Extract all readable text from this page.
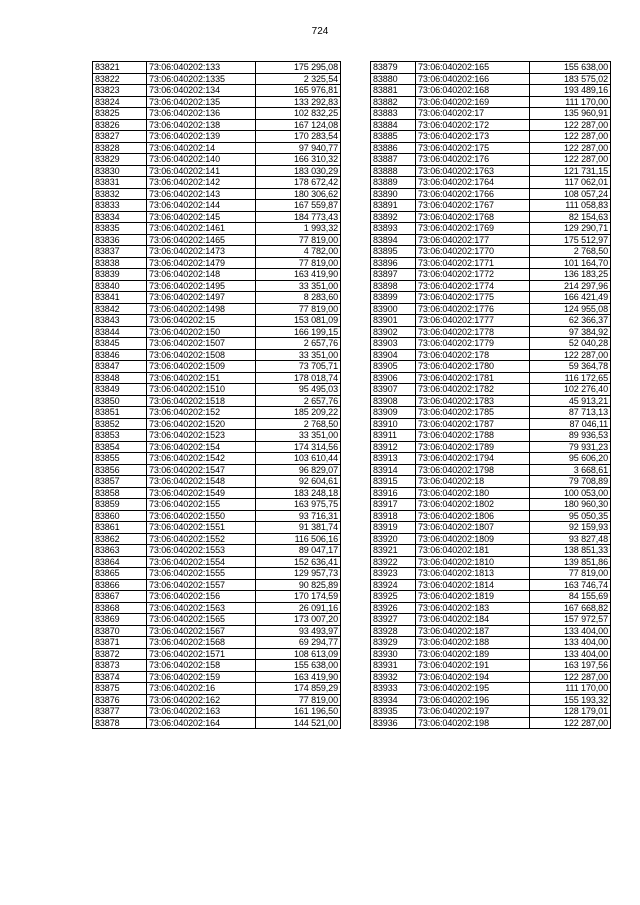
724
83821	73:06:040202:133	175 295,08
83822	73:06:040202:1335	2 325,54
83823	73:06:040202:134	165 976,81
83824	73:06:040202:135	133 292,83
83825	73:06:040202:136	102 832,25
83826	73:06:040202:138	167 124,08
83827	73:06:040202:139	170 283,54
83828	73:06:040202:14	97 940,77
83829	73:06:040202:140	166 310,32
83830	73:06:040202:141	183 030,29
83831	73:06:040202:142	178 672,42
83832	73:06:040202:143	180 306,62
83833	73:06:040202:144	167 559,87
83834	73:06:040202:145	184 773,43
83835	73:06:040202:1461	1 993,32
83836	73:06:040202:1465	77 819,00
83837	73:06:040202:1473	4 782,00
83838	73:06:040202:1479	77 819,00
83839	73:06:040202:148	163 419,90
83840	73:06:040202:1495	33 351,00
83841	73:06:040202:1497	8 283,60
83842	73:06:040202:1498	77 819,00
83843	73:06:040202:15	153 081,09
83844	73:06:040202:150	166 199,15
83845	73:06:040202:1507	2 657,76
83846	73:06:040202:1508	33 351,00
83847	73:06:040202:1509	73 705,71
83848	73:06:040202:151	178 018,74
83849	73:06:040202:1510	95 495,03
83850	73:06:040202:1518	2 657,76
83851	73:06:040202:152	185 209,22
83852	73:06:040202:1520	2 768,50
83853	73:06:040202:1523	33 351,00
83854	73:06:040202:154	174 314,56
83855	73:06:040202:1542	103 610,44
83856	73:06:040202:1547	96 829,07
83857	73:06:040202:1548	92 604,61
83858	73:06:040202:1549	183 248,18
83859	73:06:040202:155	163 975,75
83860	73:06:040202:1550	93 716,31
83861	73:06:040202:1551	91 381,74
83862	73:06:040202:1552	116 506,16
83863	73:06:040202:1553	89 047,17
83864	73:06:040202:1554	152 636,41
83865	73:06:040202:1555	129 957,73
83866	73:06:040202:1557	90 825,89
83867	73:06:040202:156	170 174,59
83868	73:06:040202:1563	26 091,16
83869	73:06:040202:1565	173 007,20
83870	73:06:040202:1567	93 493,97
83871	73:06:040202:1568	69 294,77
83872	73:06:040202:1571	108 613,09
83873	73:06:040202:158	155 638,00
83874	73:06:040202:159	163 419,90
83875	73:06:040202:16	174 859,29
83876	73:06:040202:162	77 819,00
83877	73:06:040202:163	161 196,50
83878	73:06:040202:164	144 521,00
83879	73:06:040202:165	155 638,00
83880	73:06:040202:166	183 575,02
83881	73:06:040202:168	193 489,16
83882	73:06:040202:169	111 170,00
83883	73:06:040202:17	135 960,91
83884	73:06:040202:172	122 287,00
83885	73:06:040202:173	122 287,00
83886	73:06:040202:175	122 287,00
83887	73:06:040202:176	122 287,00
83888	73:06:040202:1763	121 731,15
83889	73:06:040202:1764	117 062,01
83890	73:06:040202:1766	108 057,24
83891	73:06:040202:1767	111 058,83
83892	73:06:040202:1768	82 154,63
83893	73:06:040202:1769	129 290,71
83894	73:06:040202:177	175 512,97
83895	73:06:040202:1770	2 768,50
83896	73:06:040202:1771	101 164,70
83897	73:06:040202:1772	136 183,25
83898	73:06:040202:1774	214 297,96
83899	73:06:040202:1775	166 421,49
83900	73:06:040202:1776	124 955,08
83901	73:06:040202:1777	62 366,37
83902	73:06:040202:1778	97 384,92
83903	73:06:040202:1779	52 040,28
83904	73:06:040202:178	122 287,00
83905	73:06:040202:1780	59 364,78
83906	73:06:040202:1781	116 172,65
83907	73:06:040202:1782	102 276,40
83908	73:06:040202:1783	45 913,21
83909	73:06:040202:1785	87 713,13
83910	73:06:040202:1787	87 046,11
83911	73:06:040202:1788	89 936,53
83912	73:06:040202:1789	79 931,23
83913	73:06:040202:1794	95 606,20
83914	73:06:040202:1798	3 668,61
83915	73:06:040202:18	79 708,89
83916	73:06:040202:180	100 053,00
83917	73:06:040202:1802	180 960,30
83918	73:06:040202:1806	95 050,35
83919	73:06:040202:1807	92 159,93
83920	73:06:040202:1809	93 827,48
83921	73:06:040202:181	138 851,33
83922	73:06:040202:1810	139 851,86
83923	73:06:040202:1813	77 819,00
83924	73:06:040202:1814	163 746,74
83925	73:06:040202:1819	84 155,69
83926	73:06:040202:183	167 668,82
83927	73:06:040202:184	157 972,57
83928	73:06:040202:187	133 404,00
83929	73:06:040202:188	133 404,00
83930	73:06:040202:189	133 404,00
83931	73:06:040202:191	163 197,56
83932	73:06:040202:194	122 287,00
83933	73:06:040202:195	111 170,00
83934	73:06:040202:196	155 193,32
83935	73:06:040202:197	128 179,01
83936	73:06:040202:198	122 287,00
